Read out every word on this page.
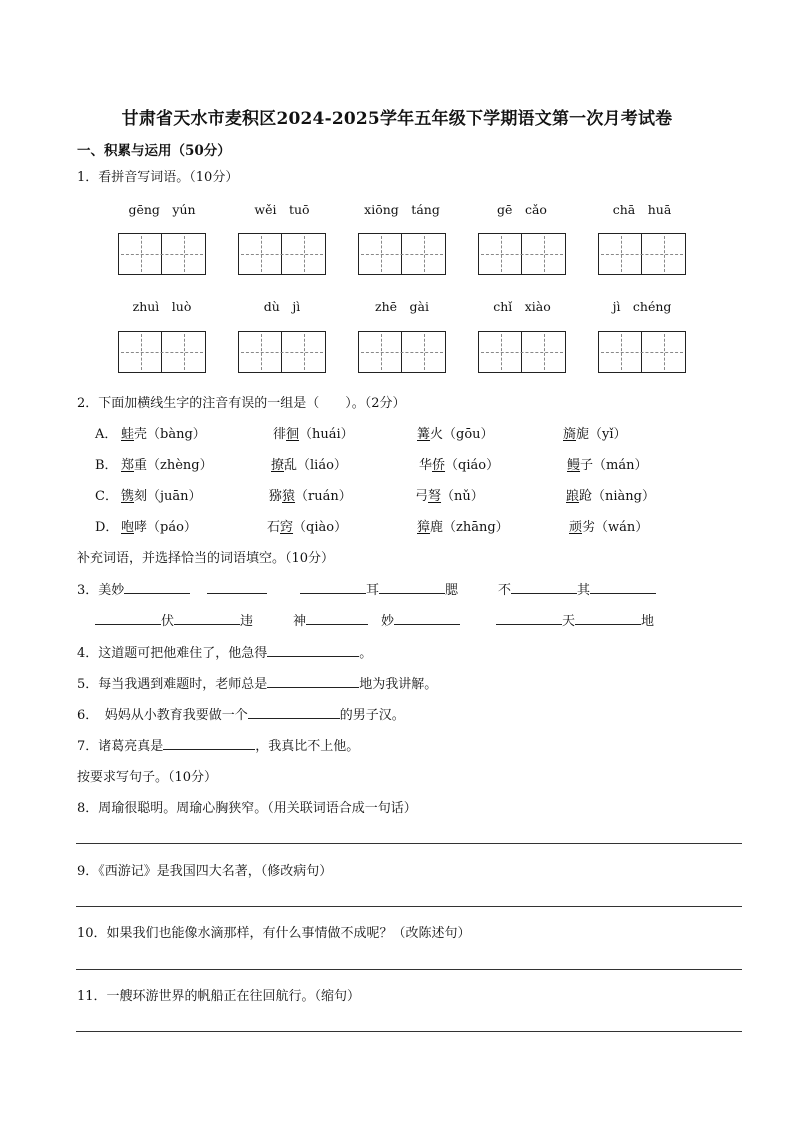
甘肃省天水市麦积区2024-2025学年五年级下学期语文第一次月考试卷
一、积累与运用（50分）
1．看拼音写词语。（10分）
gēng　yún	wěi　tuō	xiōng　táng	gē　cǎo	chā　huā
zhuì　luò	dù　jì	zhē　gài	chǐ　xiào	jì　chéng
2．下面加横线生字的注音有误的一组是（　　）。（2分）
A． 蛙壳（bàng）	徘徊（huái）	篝火（gōu）	旖旎（yǐ）
B． 郑重（zhèng）	撩乱（liáo）	华侨（qiáo）	鳗子（mán）
C． 镌刻（juān）	猕猿（ruán）	弓弩（nǔ）	踉跄（niàng）
D． 咆哮（páo）	石窍（qiào）	獐鹿（zhāng）	顽劣（wán）
补充词语，并选择恰当的词语填空。（10分）
3．美妙	耳	腮	不	其
伏	违	神　	妙	天	地
4．这道题可把他难住了，他急得	。
5．每当我遇到难题时，老师总是	地为我讲解。
6．　妈妈从小教育我要做一个	的男子汉。
7．诸葛亮真是	，我真比不上他。
按要求写句子。（10分）
8．周瑜很聪明。周瑜心胸狭窄。（用关联词语合成一句话）
9．《西游记》是我国四大名著，（修改病句）
10．如果我们也能像水滴那样，有什么事情做不成呢？（改陈述句）
11．一艘环游世界的帆船正在往回航行。（缩句）
